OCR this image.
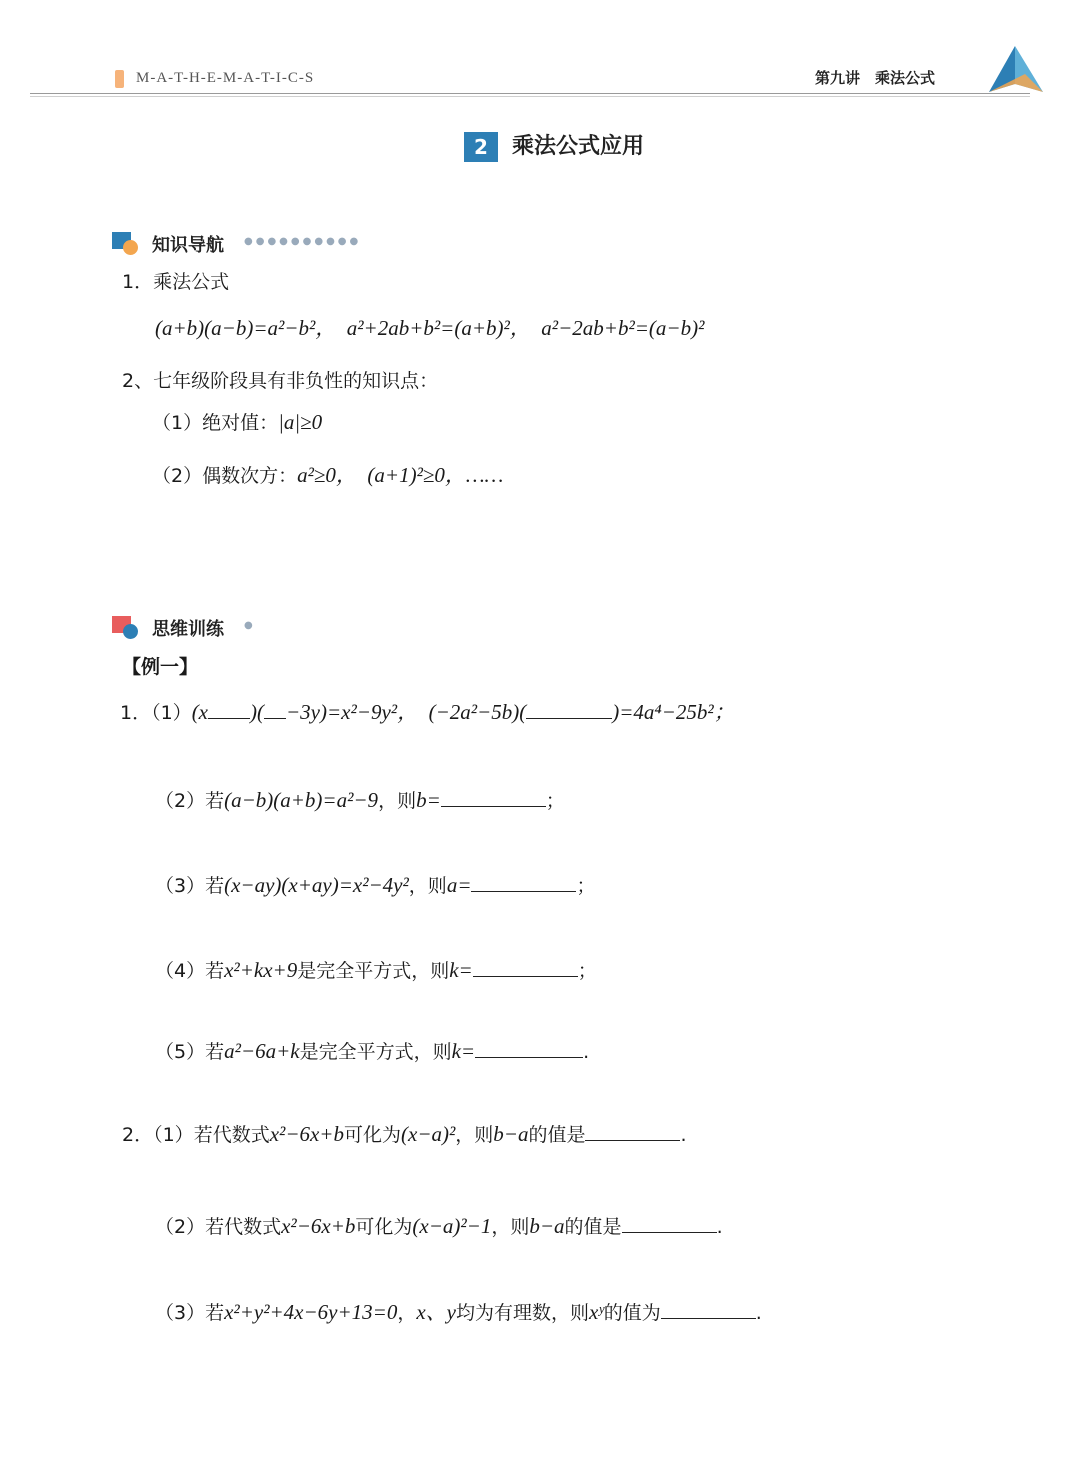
M-A-T-H-E-M-A-T-I-C-S	第九讲　乘法公式
2	乘法公式应用
知识导航 ●●●●●●●●●●
1．乘法公式
(a+b)(a−b)=a²−b²，　a²+2ab+b²=(a+b)²，　a²−2ab+b²=(a−b)²
2、七年级阶段具有非负性的知识点：
（1）绝对值：|a|≥0
（2）偶数次方：a²≥0，　(a+1)²≥0，……
思维训练 ●
【例一】
1．（1）(x )( −3y)=x²−9y²，　(−2a²−5b)(	)=4a⁴−25b²；
（2）若(a−b)(a+b)=a²−9，则b=	；
（3）若(x−ay)(x+ay)=x²−4y²，则a=	；
（4）若x²+kx+9是完全平方式，则k=	；
（5）若a²−6a+k是完全平方式，则k=	.
2．（1）若代数式x²−6x+b可化为(x−a)²，则b−a的值是	.
（2）若代数式x²−6x+b可化为(x−a)²−1，则b−a的值是	.
（3）若x²+y²+4x−6y+13=0，x、y均为有理数，则xʸ的值为	.
